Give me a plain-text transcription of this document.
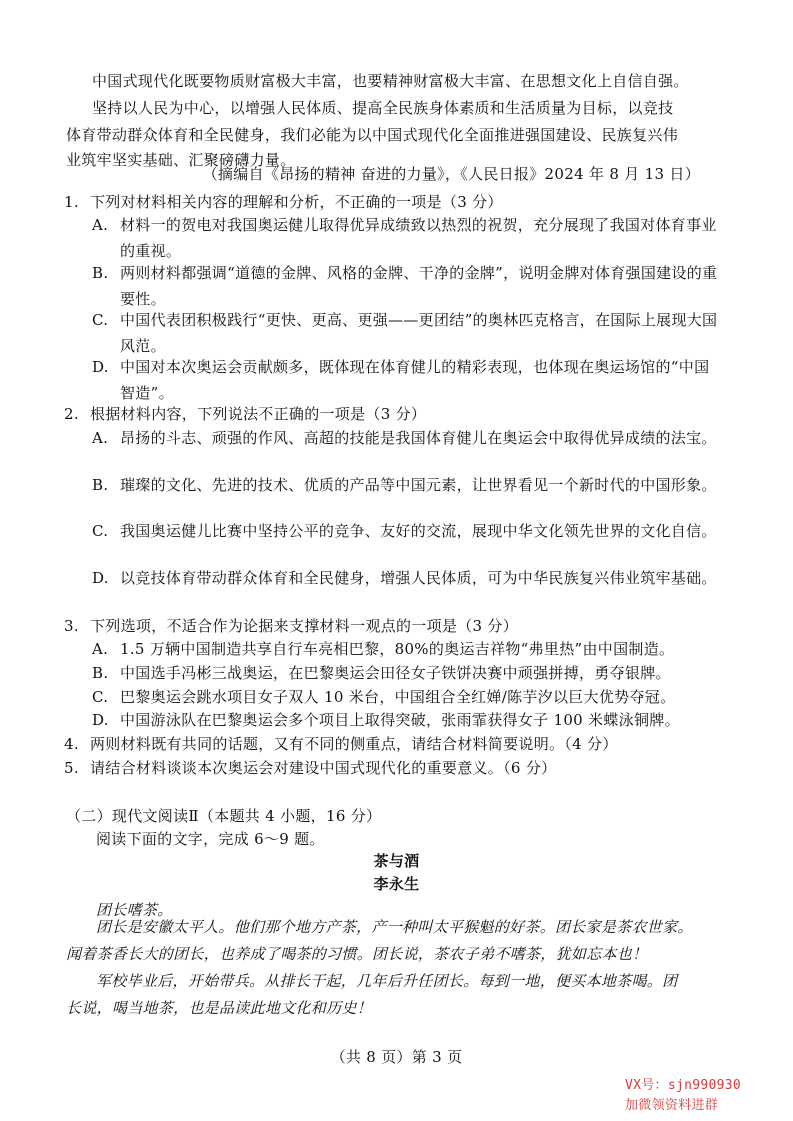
中国式现代化既要物质财富极大丰富，也要精神财富极大丰富、在思想文化上自信自强。
坚持以人民为中心，以增强人民体质、提高全民族身体素质和生活质量为目标，以竞技
体育带动群众体育和全民健身，我们必能为以中国式现代化全面推进强国建设、民族复兴伟
业筑牢坚实基础、汇聚磅礴力量。
（摘编自《昂扬的精神 奋进的力量》，《人民日报》2024 年 8 月 13 日）
1. 下列对材料相关内容的理解和分析，不正确的一项是（3 分）
A. 材料一的贺电对我国奥运健儿取得优异成绩致以热烈的祝贺，充分展现了我国对体育事业的重视。
B. 两则材料都强调“道德的金牌、风格的金牌、干净的金牌”，说明金牌对体育强国建设的重要性。
C. 中国代表团积极践行“更快、更高、更强——更团结”的奥林匹克格言，在国际上展现大国风范。
D. 中国对本次奥运会贡献颇多，既体现在体育健儿的精彩表现，也体现在奥运场馆的“中国智造”。
2. 根据材料内容，下列说法不正确的一项是（3 分）
A. 昂扬的斗志、顽强的作风、高超的技能是我国体育健儿在奥运会中取得优异成绩的法宝。
B. 璀璨的文化、先进的技术、优质的产品等中国元素，让世界看见一个新时代的中国形象。
C. 我国奥运健儿比赛中坚持公平的竞争、友好的交流，展现中华文化领先世界的文化自信。
D. 以竞技体育带动群众体育和全民健身，增强人民体质，可为中华民族复兴伟业筑牢基础。
3. 下列选项，不适合作为论据来支撑材料一观点的一项是（3 分）
A. 1.5 万辆中国制造共享自行车亮相巴黎，80%的奥运吉祥物“弗里热”由中国制造。
B. 中国选手冯彬三战奥运，在巴黎奥运会田径女子铁饼决赛中顽强拼搏，勇夺银牌。
C. 巴黎奥运会跳水项目女子双人 10 米台，中国组合全红婵/陈芋汐以巨大优势夺冠。
D. 中国游泳队在巴黎奥运会多个项目上取得突破，张雨霏获得女子 100 米蝶泳铜牌。
4. 两则材料既有共同的话题，又有不同的侧重点，请结合材料简要说明。（4 分）
5. 请结合材料谈谈本次奥运会对建设中国式现代化的重要意义。（6 分）
（二）现代文阅读Ⅱ（本题共 4 小题，16 分）
阅读下面的文字，完成 6～9 题。
茶与酒
李永生
团长嗜茶。
团长是安徽太平人。他们那个地方产茶，产一种叫太平猴魁的好茶。团长家是茶农世家。
闻着茶香长大的团长，也养成了喝茶的习惯。团长说，茶农子弟不嗜茶，犹如忘本也！
军校毕业后，开始带兵。从排长干起，几年后升任团长。每到一地，便买本地茶喝。团
长说，喝当地茶，也是品读此地文化和历史！
（共 8 页）第 3 页
VX号：sjn990930
加微领资料进群
